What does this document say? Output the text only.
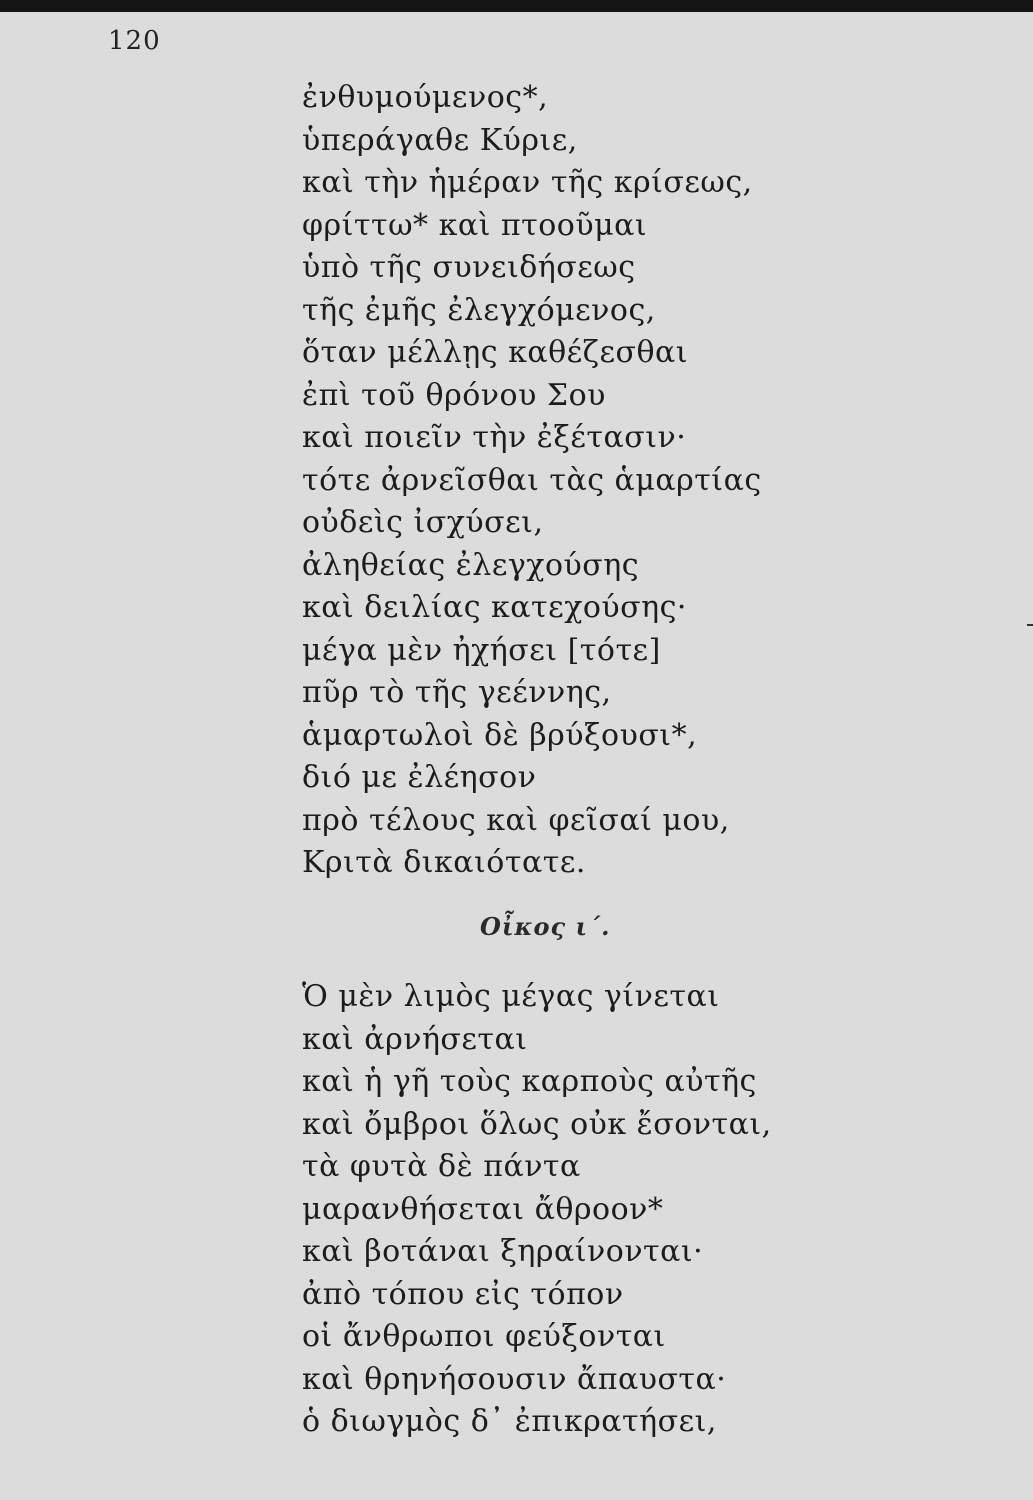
120
ἐνθυμούμενος*,
ὑπεράγαθε Κύριε,
καὶ τὴν ἡμέραν τῆς κρίσεως,
φρίττω* καὶ πτοοῦμαι
ὑπὸ τῆς συνειδήσεως
τῆς ἐμῆς ἐλεγχόμενος,
ὅταν μέλλῃς καθέζεσθαι
ἐπὶ τοῦ θρόνου Σου
καὶ ποιεῖν τὴν ἐξέτασιν·
τότε ἀρνεῖσθαι τὰς ἁμαρτίας
οὐδεὶς ἰσχύσει,
ἀληθείας ἐλεγχούσης
καὶ δειλίας κατεχούσης·
μέγα μὲν ἠχήσει [τότε]
πῦρ τὸ τῆς γεέννης,
ἁμαρτωλοὶ δὲ βρύξουσι*,
διό με ἐλέησον
πρὸ τέλους καὶ φεῖσαί μου,
Κριτὰ δικαιότατε.
Οἶκος ι΄.
Ὁ μὲν λιμὸς μέγας γίνεται
καὶ ἀρνήσεται
καὶ ἡ γῆ τοὺς καρποὺς αὐτῆς
καὶ ὄμβροι ὅλως οὐκ ἔσονται,
τὰ φυτὰ δὲ πάντα
μαρανθήσεται ἄθροον*
καὶ βοτάναι ξηραίνονται·
ἀπὸ τόπου εἰς τόπον
οἱ ἄνθρωποι φεύξονται
καὶ θρηνήσουσιν ἄπαυστα·
ὁ διωγμὸς δ᾽ ἐπικρατήσει,
